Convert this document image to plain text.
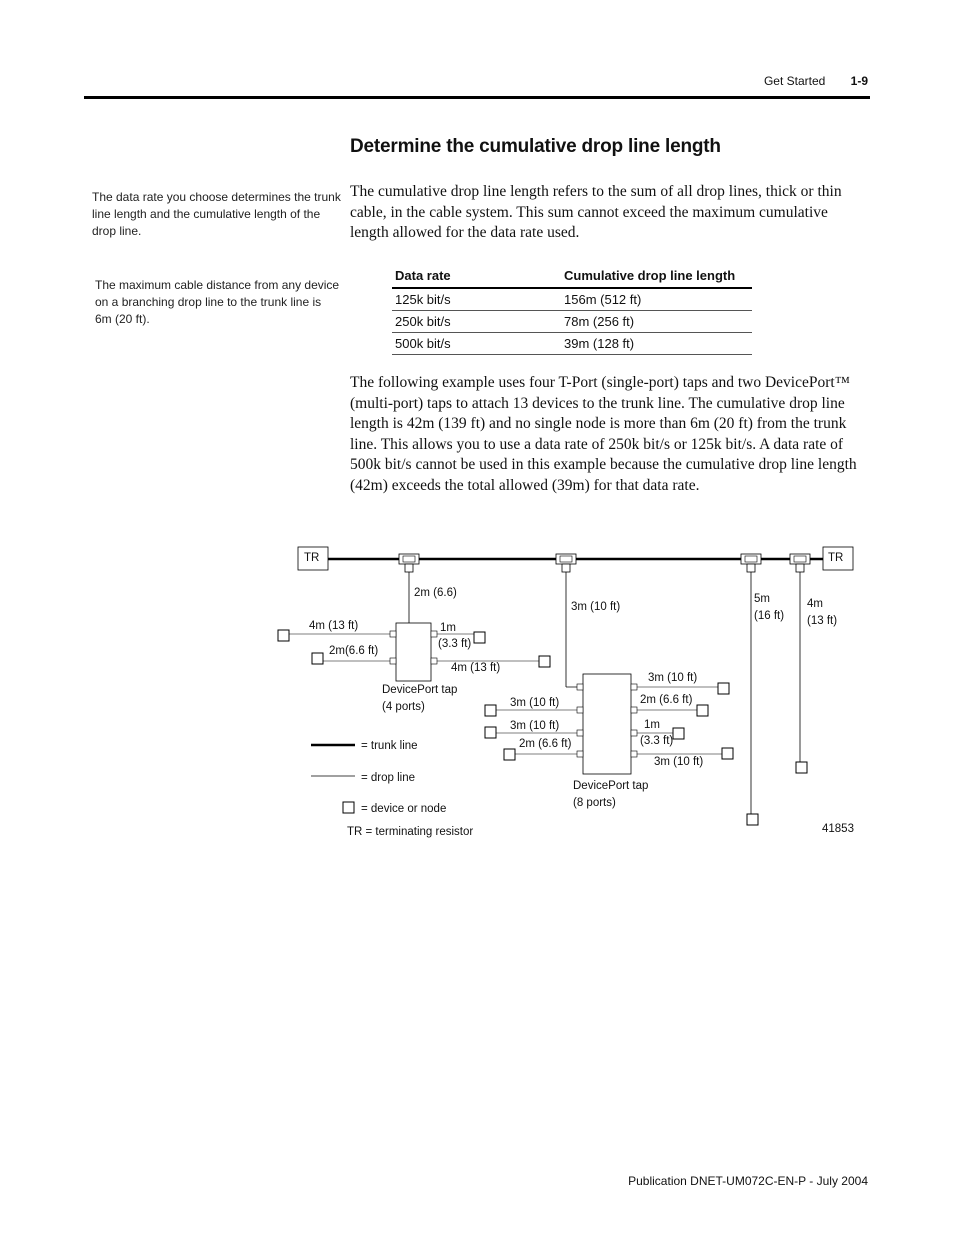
Get Started 1-9
Determine the cumulative drop line length
The data rate you choose determines the trunk line length and the cumulative length of the drop line.
The maximum cable distance from any device on a branching drop line to the trunk line is 6m (20 ft).

The cumulative drop line length refers to the sum of all drop lines, thick or thin cable, in the cable system. This sum cannot exceed the maximum cumulative length allowed for the data rate used.

Data rate	Cumulative drop line length
125k bit/s	156m (512 ft)
250k bit/s	78m (256 ft)
500k bit/s	39m (128 ft)

The following example uses four T-Port (single-port) taps and two DevicePort™ (multi-port) taps to attach 13 devices to the trunk line. The cumulative drop line length is 42m (139 ft) and no single node is more than 6m (20 ft) from the trunk line. This allows you to use a data rate of 250k bit/s or 125k bit/s. A data rate of 500k bit/s cannot be used in this example because the cumulative drop line length (42m) exceeds the total allowed (39m) for that data rate.

TR	TR
2m (6.6)
4m (13 ft)
2m(6.6 ft)
1m
(3.3 ft)
4m (13 ft)
DevicePort tap
(4 ports)
3m (10 ft)
3m (10 ft)
3m (10 ft)
2m (6.6 ft)
3m (10 ft)
2m (6.6 ft)
1m
(3.3 ft)
3m (10 ft)
DevicePort tap
(8 ports)
5m
(16 ft)
4m
(13 ft)
= trunk line
= drop line
= device or node
TR = terminating resistor	41853
Publication DNET-UM072C-EN-P - July 2004
